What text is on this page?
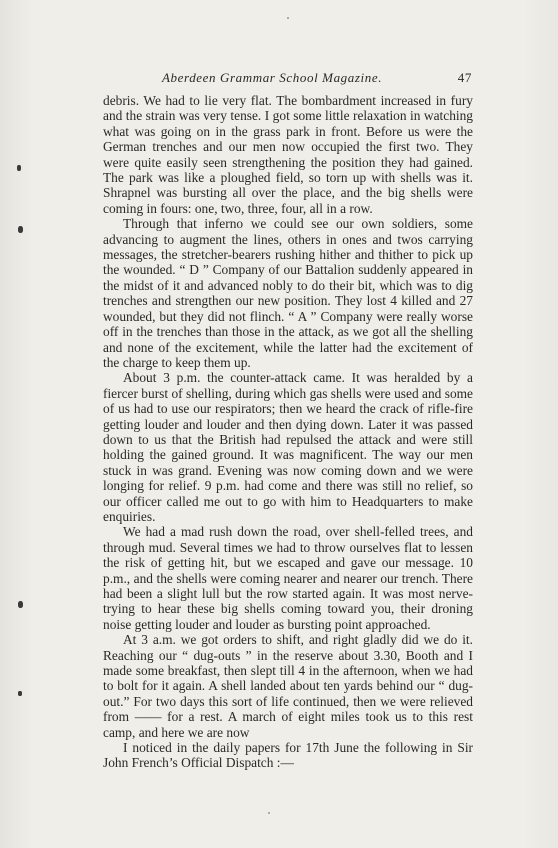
Aberdeen Grammar School Magazine.	47

debris. We had to lie very flat. The bombardment increased in fury and the strain was very tense. I got some little relaxation in watching what was going on in the grass park in front. Before us were the German trenches and our men now occupied the first two. They were quite easily seen strengthening the position they had gained. The park was like a ploughed field, so torn up with shells was it. Shrapnel was bursting all over the place, and the big shells were coming in fours: one, two, three, four, all in a row.

Through that inferno we could see our own soldiers, some advancing to augment the lines, others in ones and twos carrying messages, the stretcher-bearers rushing hither and thither to pick up the wounded. “ D ” Company of our Battalion suddenly appeared in the midst of it and advanced nobly to do their bit, which was to dig trenches and strengthen our new position. They lost 4 killed and 27 wounded, but they did not flinch. “ A ” Company were really worse off in the trenches than those in the attack, as we got all the shelling and none of the excitement, while the latter had the excitement of the charge to keep them up.

About 3 p.m. the counter-attack came. It was heralded by a fiercer burst of shelling, during which gas shells were used and some of us had to use our respirators; then we heard the crack of rifle-fire getting louder and louder and then dying down. Later it was passed down to us that the British had repulsed the attack and were still holding the gained ground. It was magnificent. The way our men stuck in was grand. Evening was now coming down and we were longing for relief. 9 p.m. had come and there was still no relief, so our officer called me out to go with him to Headquarters to make enquiries.

We had a mad rush down the road, over shell-felled trees, and through mud. Several times we had to throw ourselves flat to lessen the risk of getting hit, but we escaped and gave our message. 10 p.m., and the shells were coming nearer and nearer our trench. There had been a slight lull but the row started again. It was most nerve-trying to hear these big shells coming toward you, their droning noise getting louder and louder as bursting point approached.

At 3 a.m. we got orders to shift, and right gladly did we do it. Reaching our “ dug-outs ” in the reserve about 3.30, Booth and I made some breakfast, then slept till 4 in the afternoon, when we had to bolt for it again. A shell landed about ten yards behind our “ dug-out.” For two days this sort of life continued, then we were relieved from —— for a rest. A march of eight miles took us to this rest camp, and here we are now

I noticed in the daily papers for 17th June the following in Sir John French’s Official Dispatch :—
